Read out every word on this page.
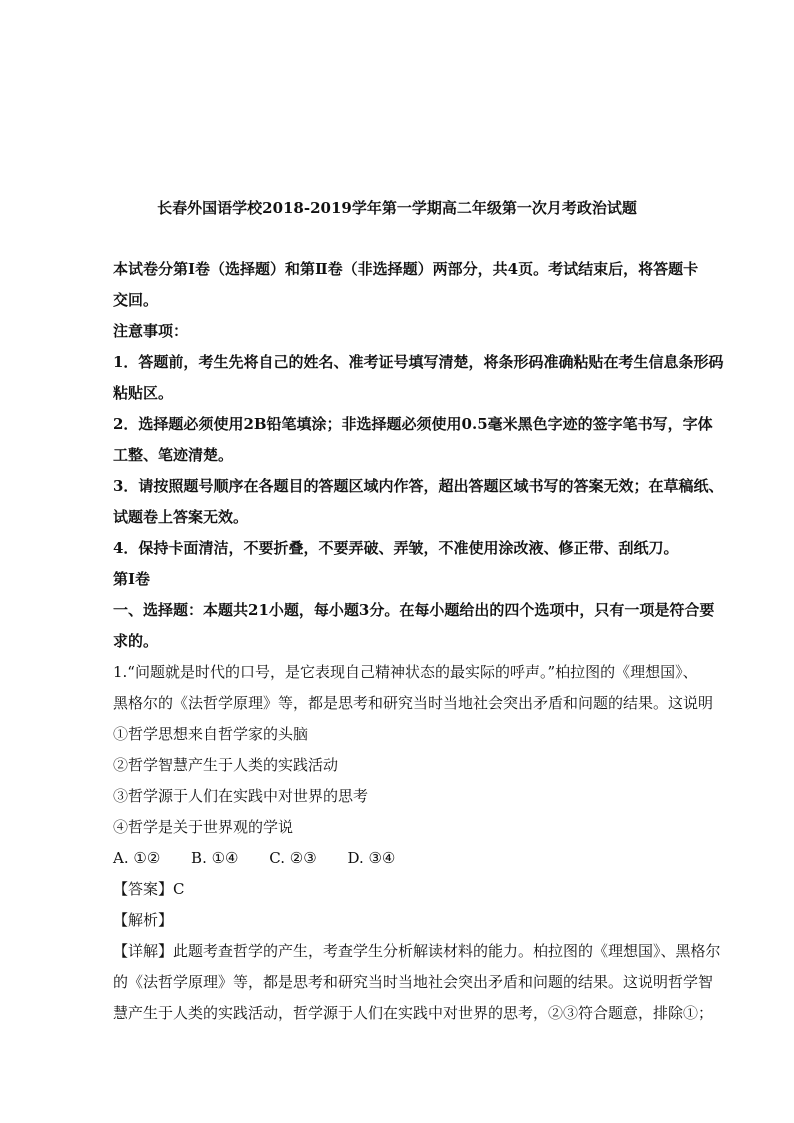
长春外国语学校2018-2019学年第一学期高二年级第一次月考政治试题
本试卷分第Ⅰ卷（选择题）和第Ⅱ卷（非选择题）两部分，共4页。考试结束后，将答题卡
交回。
注意事项：
1．答题前，考生先将自己的姓名、准考证号填写清楚，将条形码准确粘贴在考生信息条形码
粘贴区。
2．选择题必须使用2B铅笔填涂；非选择题必须使用0.5毫米黑色字迹的签字笔书写，字体
工整、笔迹清楚。
3．请按照题号顺序在各题目的答题区域内作答，超出答题区域书写的答案无效；在草稿纸、
试题卷上答案无效。
4．保持卡面清洁，不要折叠，不要弄破、弄皱，不准使用涂改液、修正带、刮纸刀。
第Ⅰ卷
一、选择题：本题共21小题，每小题3分。在每小题给出的四个选项中，只有一项是符合要
求的。
1.“问题就是时代的口号，是它表现自己精神状态的最实际的呼声。”柏拉图的《理想国》、
黑格尔的《法哲学原理》等，都是思考和研究当时当地社会突出矛盾和问题的结果。这说明
①哲学思想来自哲学家的头脑
②哲学智慧产生于人类的实践活动
③哲学源于人们在实践中对世界的思考
④哲学是关于世界观的学说
A. ①② B. ①④ C. ②③ D. ③④
【答案】C
【解析】
【详解】此题考查哲学的产生，考查学生分析解读材料的能力。柏拉图的《理想国》、黑格尔
的《法哲学原理》等，都是思考和研究当时当地社会突出矛盾和问题的结果。这说明哲学智
慧产生于人类的实践活动，哲学源于人们在实践中对世界的思考，②③符合题意，排除①；
